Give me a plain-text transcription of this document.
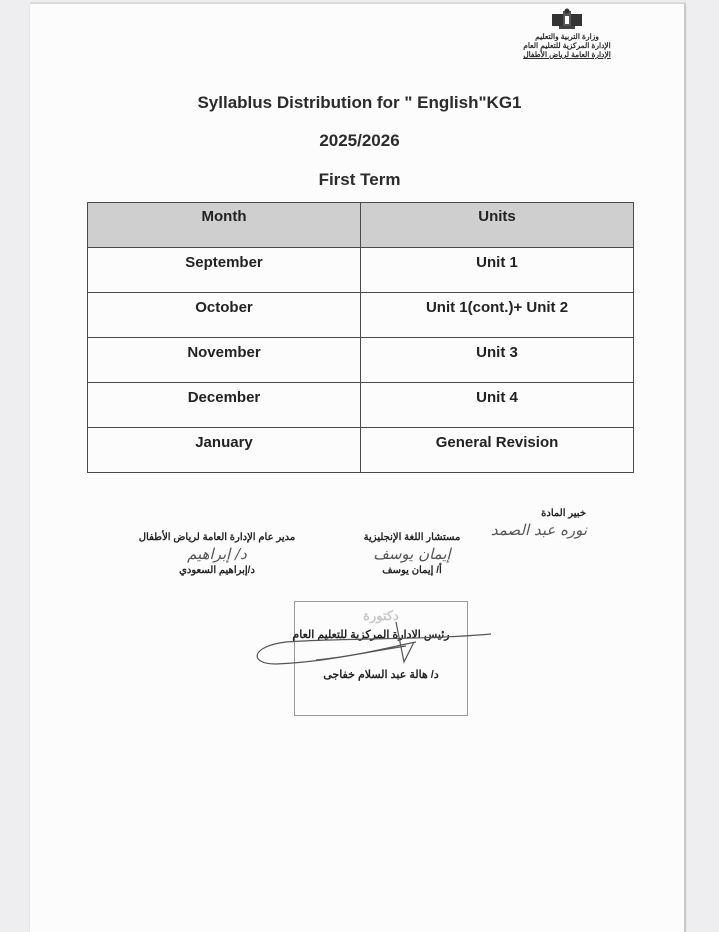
وزارة التربية والتعليم
الإدارة المركزية للتعليم العام
الإدارة العامة لرياض الأطفال
Syllablus Distribution for " English"KG1
2025/2026
First Term
Month	Units
September	Unit 1
October	Unit 1(cont.)+ Unit 2
November	Unit 3
December	Unit 4
January	General Revision
خبير المادة
نوره عبد الصمد
مستشار اللغة الإنجليزية
إيمان يوسف
أ/ إيمان يوسف
مدير عام الإدارة العامة لرياض الأطفال
د/ إبراهيم
د/إبراهيم السعودي
دكتورة
رئيس الادارة المركزية للتعليم العام
د/ هالة عبد السلام خفاجى
